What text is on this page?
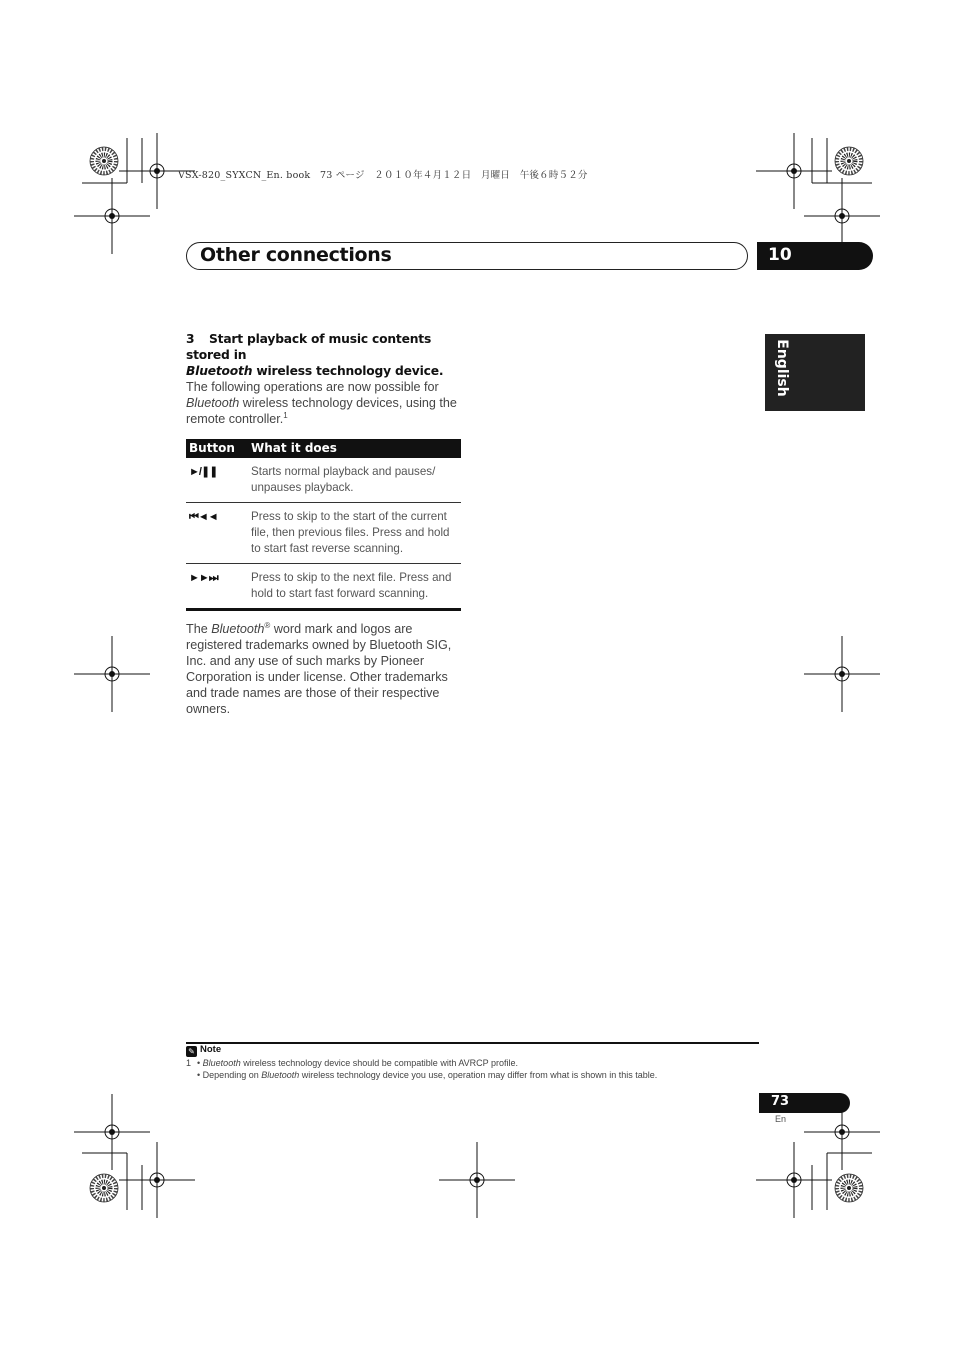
VSX-820_SYXCN_En. book   73 ページ   ２０１０年４月１２日   月曜日   午後６時５２分
Other connections	10
English
3 Start playback of music contents stored in
Bluetooth wireless technology device.
The following operations are now possible for Bluetooth wireless technology devices, using the remote controller.$^1$
Button	What it does
►/❚❚	Starts normal playback and pauses/ unpauses playback.
⏮◄◄	Press to skip to the start of the current file, then previous files. Press and hold to start fast reverse scanning.
►►⏭	Press to skip to the next file. Press and hold to start fast forward scanning.
The Bluetooth® word mark and logos are registered trademarks owned by Bluetooth SIG, Inc. and any use of such marks by Pioneer Corporation is under license. Other trademarks and trade names are those of their respective owners.
✎ Note
1 • Bluetooth wireless technology device should be compatible with AVRCP profile.
• Depending on Bluetooth wireless technology device you use, operation may differ from what is shown in this table.
73
En
